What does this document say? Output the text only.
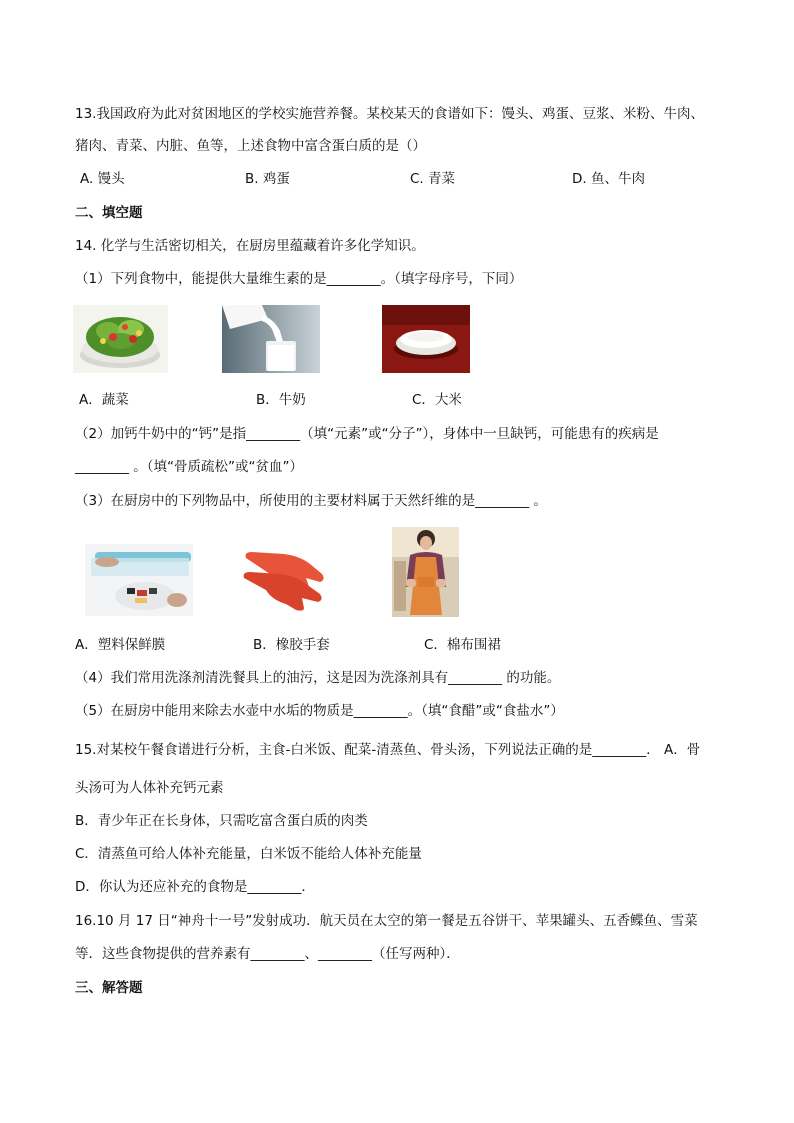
13.我国政府为此对贫困地区的学校实施营养餐。某校某天的食谱如下：馒头、鸡蛋、豆浆、米粉、牛肉、
猪肉、青菜、内脏、鱼等，上述食物中富含蛋白质的是（）
A. 馒头	B. 鸡蛋	C. 青菜	D. 鱼、牛肉
二、填空题
14. 化学与生活密切相关，在厨房里蕴藏着许多化学知识。
（1）下列食物中，能提供大量维生素的是________。（填字母序号，下同）
A．蔬菜	B．牛奶	C．大米
（2）加钙牛奶中的“钙”是指________（填“元素”或“分子”），身体中一旦缺钙，可能患有的疾病是
________ 。（填“骨质疏松”或“贫血”）
（3）在厨房中的下列物品中，所使用的主要材料属于天然纤维的是________ 。
A．塑料保鲜膜	B．橡胶手套	C．棉布围裙
（4）我们常用洗涤剂清洗餐具上的油污，这是因为洗涤剂具有________ 的功能。
（5）在厨房中能用来除去水壶中水垢的物质是________。（填“食醋”或“食盐水”）
15.对某校午餐食谱进行分析，主食-白米饭、配菜-清蒸鱼、骨头汤，下列说法正确的是________． A．骨
头汤可为人体补充钙元素
B．青少年正在长身体，只需吃富含蛋白质的肉类
C．清蒸鱼可给人体补充能量，白米饭不能给人体补充能量
D．你认为还应补充的食物是________．
16.10 月 17 日“神舟十一号”发射成功．航天员在太空的第一餐是五谷饼干、苹果罐头、五香鲽鱼、雪菜
等．这些食物提供的营养素有________、________（任写两种）．
三、解答题
